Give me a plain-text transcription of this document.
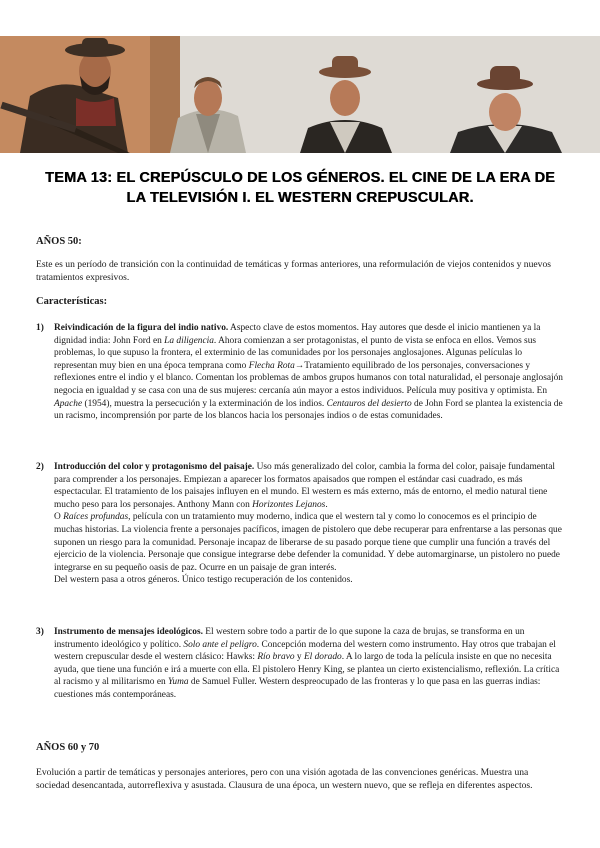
TEMA 13: EL CREPÚSCULO DE LOS GÉNEROS. EL CINE DE LA ERA DE LA TELEVISIÓN I. EL WESTERN CREPUSCULAR.
AÑOS 50:

Este es un período de transición con la continuidad de temáticas y formas anteriores, una reformulación de viejos contenidos y nuevos tratamientos expresivos.

Características:
1) Reivindicación de la figura del indio nativo. Aspecto clave de estos momentos. Hay autores que desde el inicio mantienen ya la dignidad india: John Ford en La diligencia. Ahora comienzan a ser protagonistas, el punto de vista se enfoca en ellos. Vemos sus problemas, lo que supuso la frontera, el exterminio de las comunidades por los personajes anglosajones. Algunas películas lo representan muy bien en una época temprana como Flecha Rota→Tratamiento equilibrado de los personajes, conversaciones y reflexiones entre el indio y el blanco. Comentan los problemas de ambos grupos humanos con total naturalidad, el personaje anglosajón negocia en igualdad y se casa con una de sus mujeres: cercanía aún mayor a estos individuos. Película muy positiva y optimista. En Apache (1954), muestra la persecución y la exterminación de los indios. Centauros del desierto de John Ford se plantea la existencia de un racismo, incomprensión por parte de los blancos hacia los personajes indios o de estas comunidades.
2) Introducción del color y protagonismo del paisaje. Uso más generalizado del color, cambia la forma del color, paisaje fundamental para comprender a los personajes. Empiezan a aparecer los formatos apaisados que rompen el estándar casi cuadrado, es más espectacular. El tratamiento de los paisajes influyen en el mundo. El western es más externo, más de entorno, el medio natural tiene mucho peso para los personajes. Anthony Mann con Horizontes Lejanos.
O Raíces profundas, película con un tratamiento muy moderno, indica que el western tal y como lo conocemos es el principio de muchas historias. La violencia frente a personajes pacíficos, imagen de pistolero que debe recuperar para enfrentarse a las personas que suponen un riesgo para la comunidad. Personaje incapaz de liberarse de su pasado porque tiene que cumplir una función a través del ejercicio de la violencia. Personaje que consigue integrarse debe defender la comunidad. Y debe automarginarse, un pistolero no puede integrarse en su pequeño oasis de paz. Ocurre en un paisaje de gran interés.
Del western pasa a otros géneros. Único testigo recuperación de los contenidos.
3) Instrumento de mensajes ideológicos. El western sobre todo a partir de lo que supone la caza de brujas, se transforma en un instrumento ideológico y político. Solo ante el peligro. Concepción moderna del western como instrumento. Hay otros que trabajan el western crepuscular desde el western clásico: Hawks: Río bravo y El dorado. A lo largo de toda la película insiste en que no necesita ayuda, que tiene una función e irá a muerte con ella. El pistolero Henry King, se plantea un cierto existencialismo, reflexión. La crítica al racismo y al militarismo en Yuma de Samuel Fuller. Western despreocupado de las fronteras y lo que pasa en las guerras indias: cuestiones más contemporáneas.
AÑOS 60 y 70

Evolución a partir de temáticas y personajes anteriores, pero con una visión agotada de las convenciones genéricas. Muestra una sociedad desencantada, autorreflexiva y asustada. Clausura de una época, un western nuevo, que se refleja en diferentes aspectos.
